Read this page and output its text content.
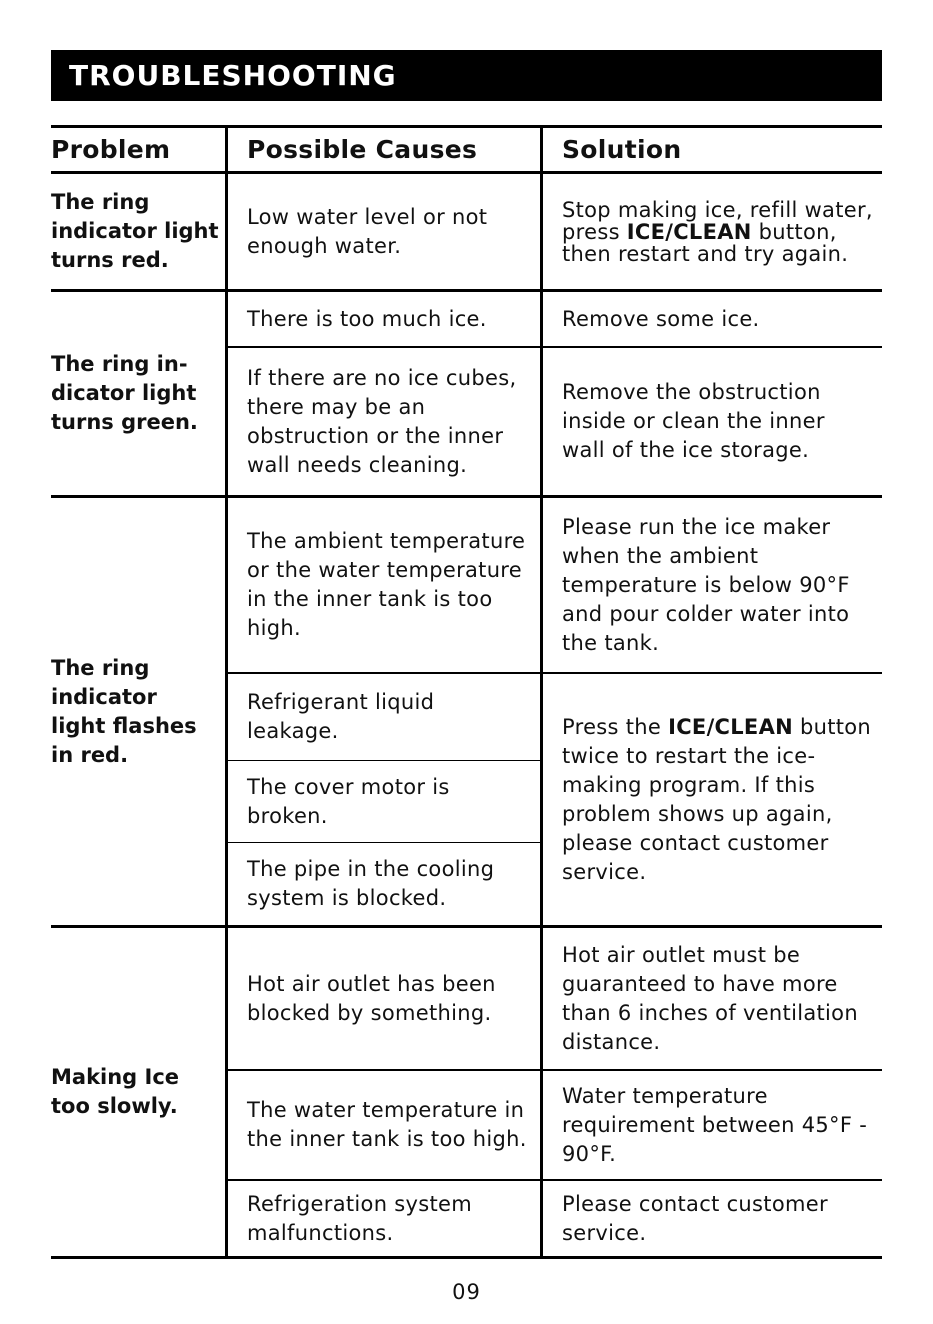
TROUBLESHOOTING
Problem	Possible Causes	Solution
The ring indicator light turns red.
Low water level or not enough water.
Stop making ice, refill water, press ICE/CLEAN button, then restart and try again.
The ring in- dicator light turns green.
There is too much ice.
If there are no ice cubes, there may be an obstruction or the inner wall needs cleaning.
Remove some ice.
Remove the obstruction inside or clean the inner wall of the ice storage.
The ring indicator light flashes in red.
The ambient temperature or the water temperature in the inner tank is too high.
Refrigerant liquid leakage.
The cover motor is broken.
The pipe in the cooling system is blocked.
Please run the ice maker when the ambient temperature is below 90°F and pour colder water into the tank.
Press the ICE/CLEAN button twice to restart the ice-making program. If this problem shows up again, please contact customer service.
Making Ice too slowly.
Hot air outlet has been blocked by something.
The water temperature in the inner tank is too high.
Refrigeration system malfunctions.
Hot air outlet must be guaranteed to have more than 6 inches of ventilation distance.
Water temperature requirement between 45°F - 90°F.
Please contact customer service.
09
